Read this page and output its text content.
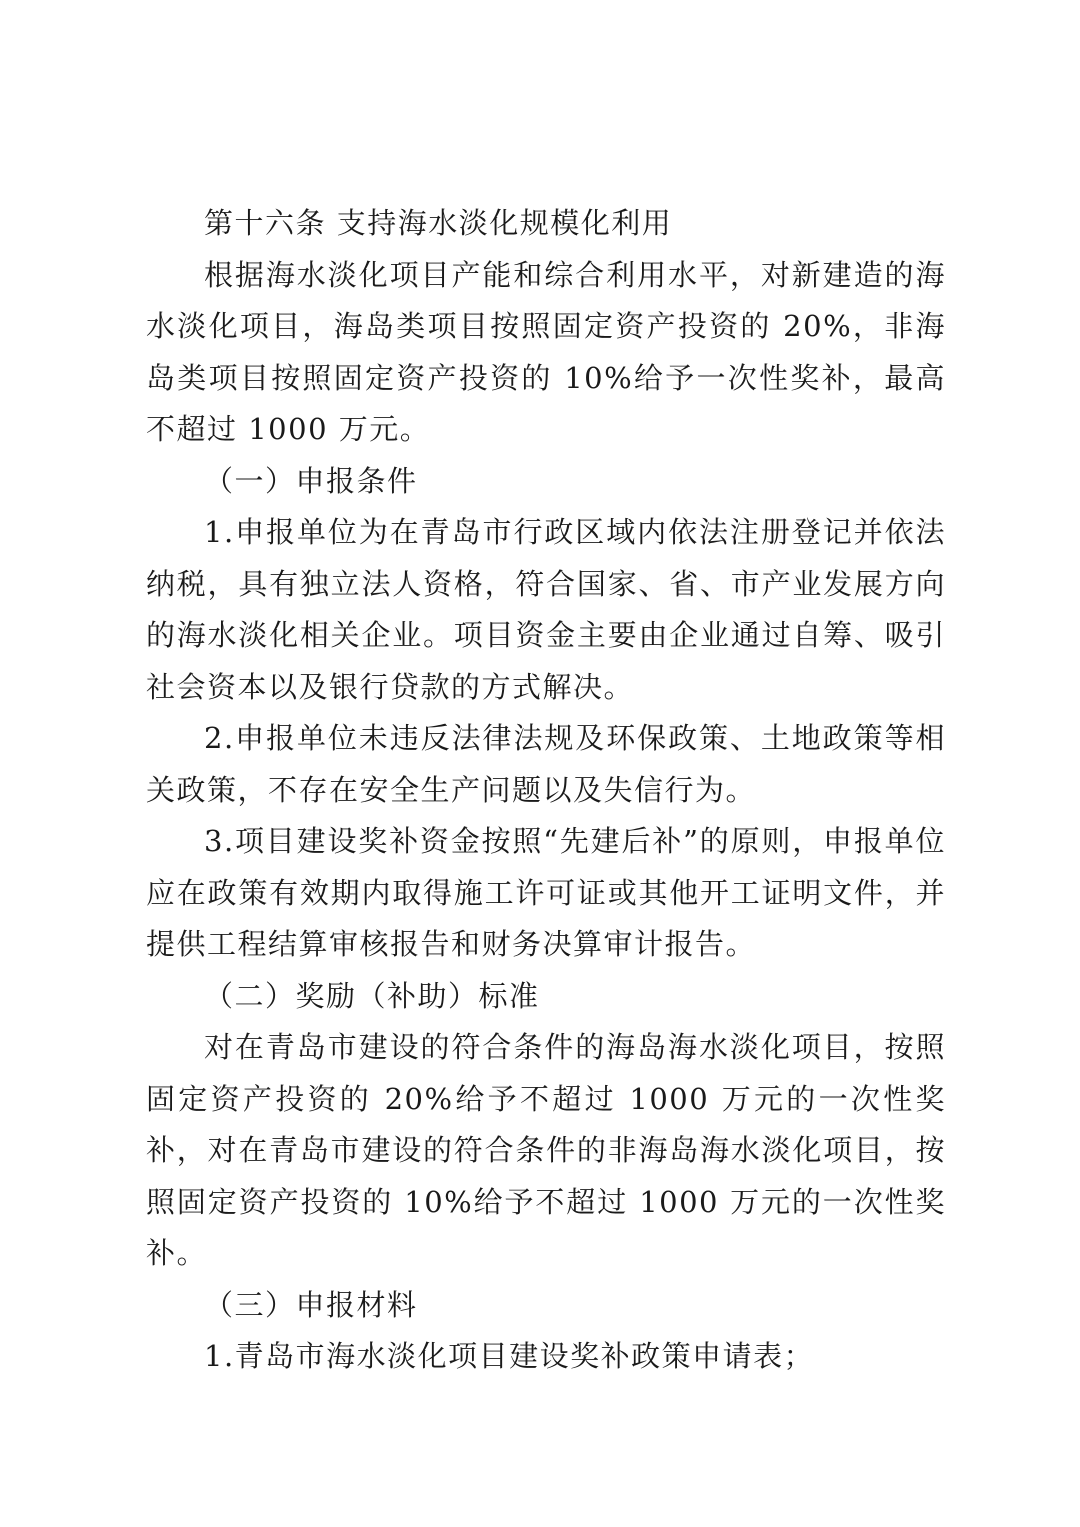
第十六条 支持海水淡化规模化利用

根据海水淡化项目产能和综合利用水平，对新建造的海水淡化项目，海岛类项目按照固定资产投资的 20%，非海岛类项目按照固定资产投资的 10%给予一次性奖补，最高不超过 1000 万元。

（一）申报条件

1.申报单位为在青岛市行政区域内依法注册登记并依法纳税，具有独立法人资格，符合国家、省、市产业发展方向的海水淡化相关企业。项目资金主要由企业通过自筹、吸引社会资本以及银行贷款的方式解决。

2.申报单位未违反法律法规及环保政策、土地政策等相关政策，不存在安全生产问题以及失信行为。

3.项目建设奖补资金按照“先建后补”的原则，申报单位应在政策有效期内取得施工许可证或其他开工证明文件，并提供工程结算审核报告和财务决算审计报告。

（二）奖励（补助）标准

对在青岛市建设的符合条件的海岛海水淡化项目，按照固定资产投资的 20%给予不超过 1000 万元的一次性奖补，对在青岛市建设的符合条件的非海岛海水淡化项目，按照固定资产投资的 10%给予不超过 1000 万元的一次性奖补。

（三）申报材料

1.青岛市海水淡化项目建设奖补政策申请表；
